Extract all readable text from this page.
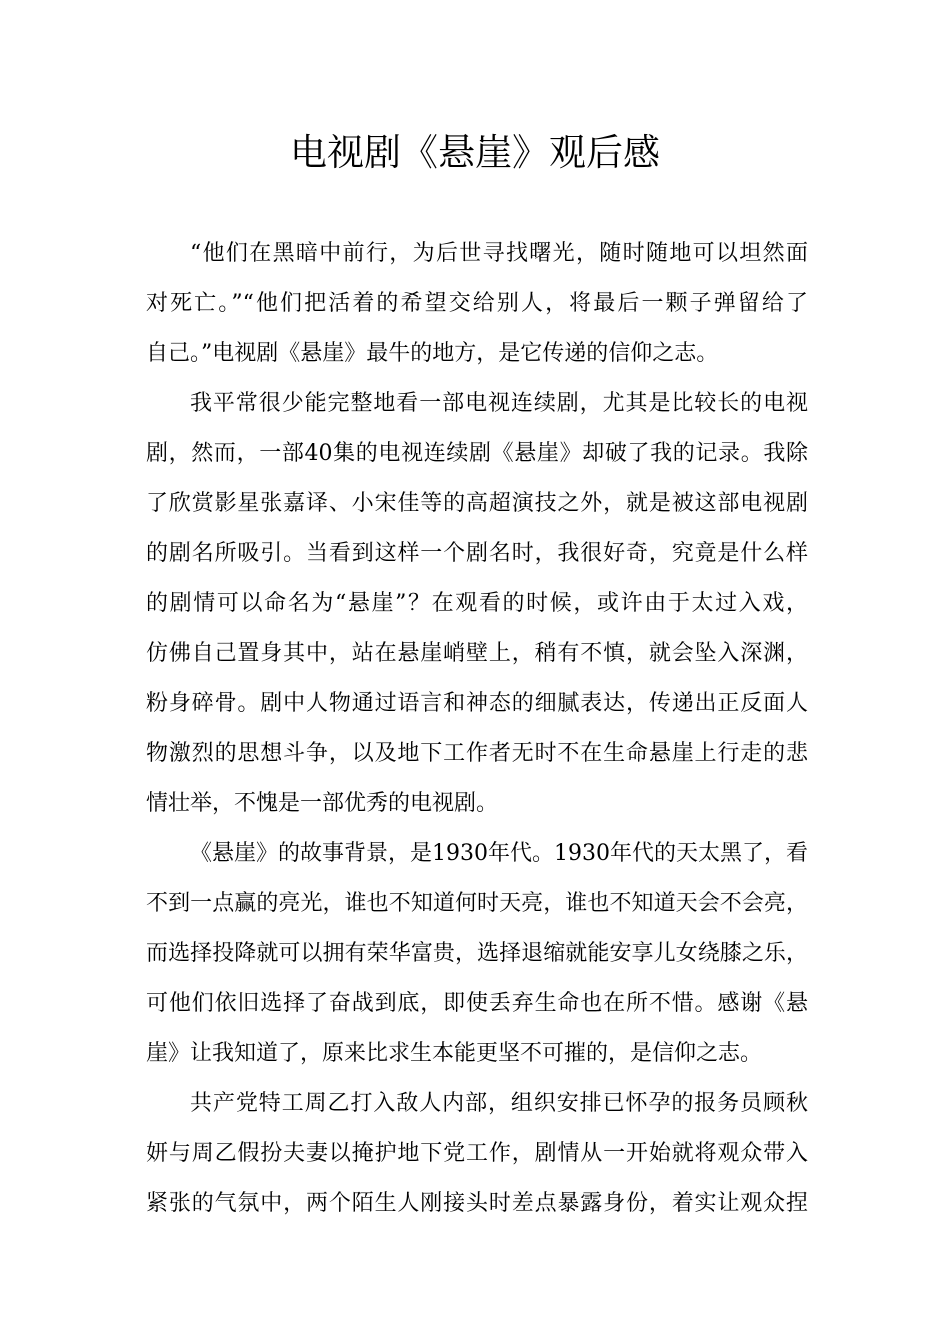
电视剧《悬崖》观后感
“他们在黑暗中前行，为后世寻找曙光，随时随地可以坦然面
对死亡。”“他们把活着的希望交给别人，将最后一颗子弹留给了
自己。”电视剧《悬崖》最牛的地方，是它传递的信仰之志。
我平常很少能完整地看一部电视连续剧，尤其是比较长的电视
剧，然而，一部40集的电视连续剧《悬崖》却破了我的记录。我除
了欣赏影星张嘉译、小宋佳等的高超演技之外，就是被这部电视剧
的剧名所吸引。当看到这样一个剧名时，我很好奇，究竟是什么样
的剧情可以命名为“悬崖”？在观看的时候，或许由于太过入戏，
仿佛自己置身其中，站在悬崖峭壁上，稍有不慎，就会坠入深渊，
粉身碎骨。剧中人物通过语言和神态的细腻表达，传递出正反面人
物激烈的思想斗争，以及地下工作者无时不在生命悬崖上行走的悲
情壮举，不愧是一部优秀的电视剧。
《悬崖》的故事背景，是1930年代。1930年代的天太黑了，看
不到一点赢的亮光，谁也不知道何时天亮，谁也不知道天会不会亮，
而选择投降就可以拥有荣华富贵，选择退缩就能安享儿女绕膝之乐，
可他们依旧选择了奋战到底，即使丢弃生命也在所不惜。感谢《悬
崖》让我知道了，原来比求生本能更坚不可摧的，是信仰之志。
共产党特工周乙打入敌人内部，组织安排已怀孕的报务员顾秋
妍与周乙假扮夫妻以掩护地下党工作，剧情从一开始就将观众带入
紧张的气氛中，两个陌生人刚接头时差点暴露身份，着实让观众捏
